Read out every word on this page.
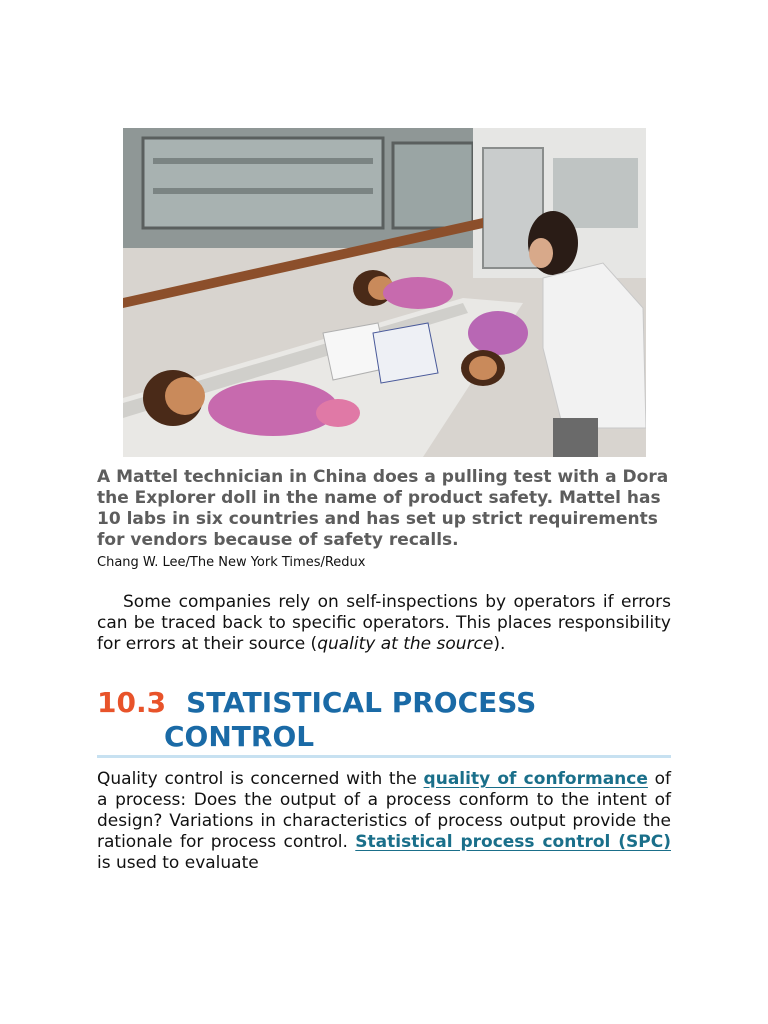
A Mattel technician in China does a pulling test with a Dora the Explorer doll in the name of product safety. Mattel has 10 labs in six countries and has set up strict requirements for vendors because of safety recalls.
Chang W. Lee/The New York Times/Redux

Some companies rely on self-inspections by operators if errors can be traced back to specific operators. This places responsibility for errors at their source (quality at the source).

10.3 STATISTICAL PROCESS
CONTROL

Quality control is concerned with the quality of conformance of a process: Does the output of a process conform to the intent of design? Variations in characteristics of process output provide the rationale for process control. Statistical process control (SPC) is used to evaluate
